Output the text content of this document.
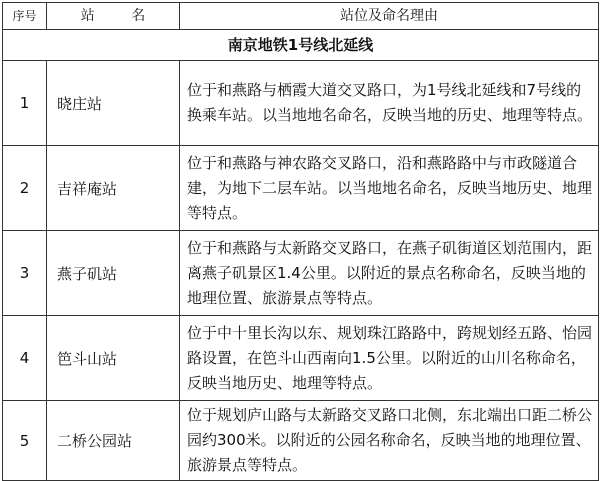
序号	站 名	站位及命名理由
南京地铁1号线北延线		
1	晓庄站	位于和燕路与栖霞大道交叉路口，为1号线北延线和7号线的换乘车站。以当地地名命名，反映当地的历史、地理等特点。
2	吉祥庵站	位于和燕路与神农路交叉路口，沿和燕路路中与市政隧道合建，为地下二层车站。以当地地名命名，反映当地历史、地理等特点。
3	燕子矶站	位于和燕路与太新路交叉路口，在燕子矶街道区划范围内，距离燕子矶景区1.4公里。以附近的景点名称命名，反映当地的地理位置、旅游景点等特点。
4	笆斗山站	位于中十里长沟以东、规划珠江路路中，跨规划经五路、怡园路设置，在笆斗山西南向1.5公里。以附近的山川名称命名，反映当地历史、地理等特点。
5	二桥公园站	位于规划庐山路与太新路交叉路口北侧，东北端出口距二桥公园约300米。以附近的公园名称命名，反映当地的地理位置、旅游景点等特点。
